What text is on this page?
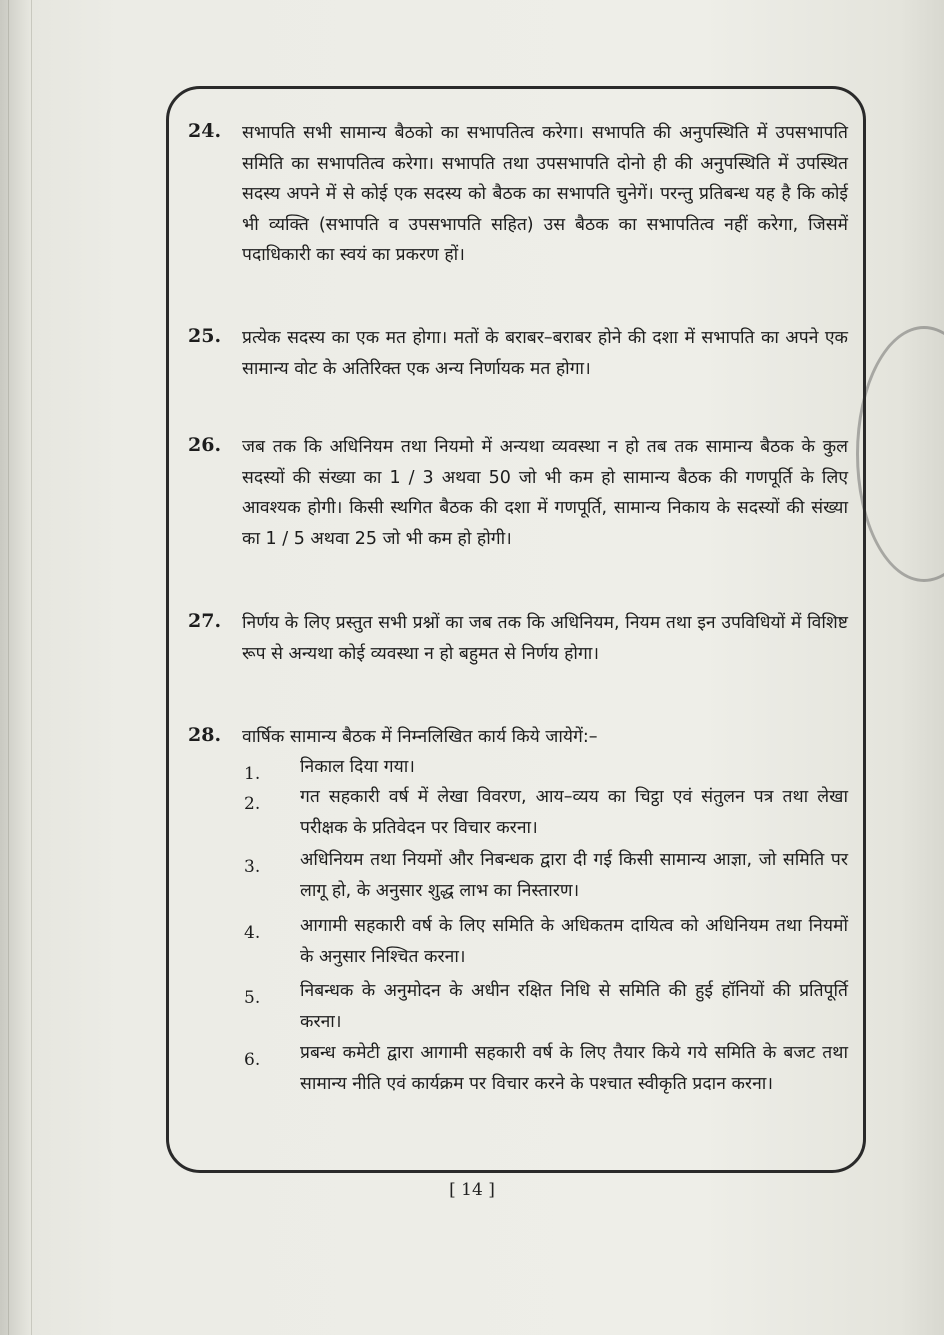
24.	सभापति सभी सामान्य बैठको का सभापतित्व करेगा। सभापति की अनुपस्थिति में उपसभापति समिति का सभापतित्व करेगा। सभापति तथा उपसभापति दोनो ही की अनुपस्थिति में उपस्थित सदस्य अपने में से कोई एक सदस्य को बैठक का सभापति चुनेगें। परन्तु प्रतिबन्ध यह है कि कोई भी व्यक्ति (सभापति व उपसभापति सहित) उस बैठक का सभापतित्व नहीं करेगा, जिसमें पदाधिकारी का स्वयं का प्रकरण हों।
25.	प्रत्येक सदस्य का एक मत होगा। मतों के बराबर–बराबर होने की दशा में सभापति का अपने एक सामान्य वोट के अतिरिक्त एक अन्य निर्णायक मत होगा।
26.	जब तक कि अधिनियम तथा नियमो में अन्यथा व्यवस्था न हो तब तक सामान्य बैठक के कुल सदस्यों की संख्या का 1 / 3 अथवा 50 जो भी कम हो सामान्य बैठक की गणपूर्ति के लिए आवश्यक होगी। किसी स्थगित बैठक की दशा में गणपूर्ति, सामान्य निकाय के सदस्यों की संख्या का 1 / 5 अथवा 25 जो भी कम हो होगी।
27.	निर्णय के लिए प्रस्तुत सभी प्रश्नों का जब तक कि अधिनियम, नियम तथा इन उपविधियों में विशिष्ट रूप से अन्यथा कोई व्यवस्था न हो बहुमत से निर्णय होगा।
28.	वार्षिक सामान्य बैठक में निम्नलिखित कार्य किये जायेगें:–
1.	निकाल दिया गया।
2.	गत सहकारी वर्ष में लेखा विवरण, आय–व्यय का चिट्ठा एवं संतुलन पत्र तथा लेखा परीक्षक के प्रतिवेदन पर विचार करना।
3.	अधिनियम तथा नियमों और निबन्धक द्वारा दी गई किसी सामान्य आज्ञा, जो समिति पर लागू हो, के अनुसार शुद्ध लाभ का निस्तारण।
4.	आगामी सहकारी वर्ष के लिए समिति के अधिकतम दायित्व को अधिनियम तथा नियमों के अनुसार निश्चित करना।
5.	निबन्धक के अनुमोदन के अधीन रक्षित निधि से समिति की हुई हॉनियों की प्रतिपूर्ति करना।
6.	प्रबन्ध कमेटी द्वारा आगामी सहकारी वर्ष के लिए तैयार किये गये समिति के बजट तथा सामान्य नीति एवं कार्यक्रम पर विचार करने के पश्चात स्वीकृति प्रदान करना।
[ 14 ]
